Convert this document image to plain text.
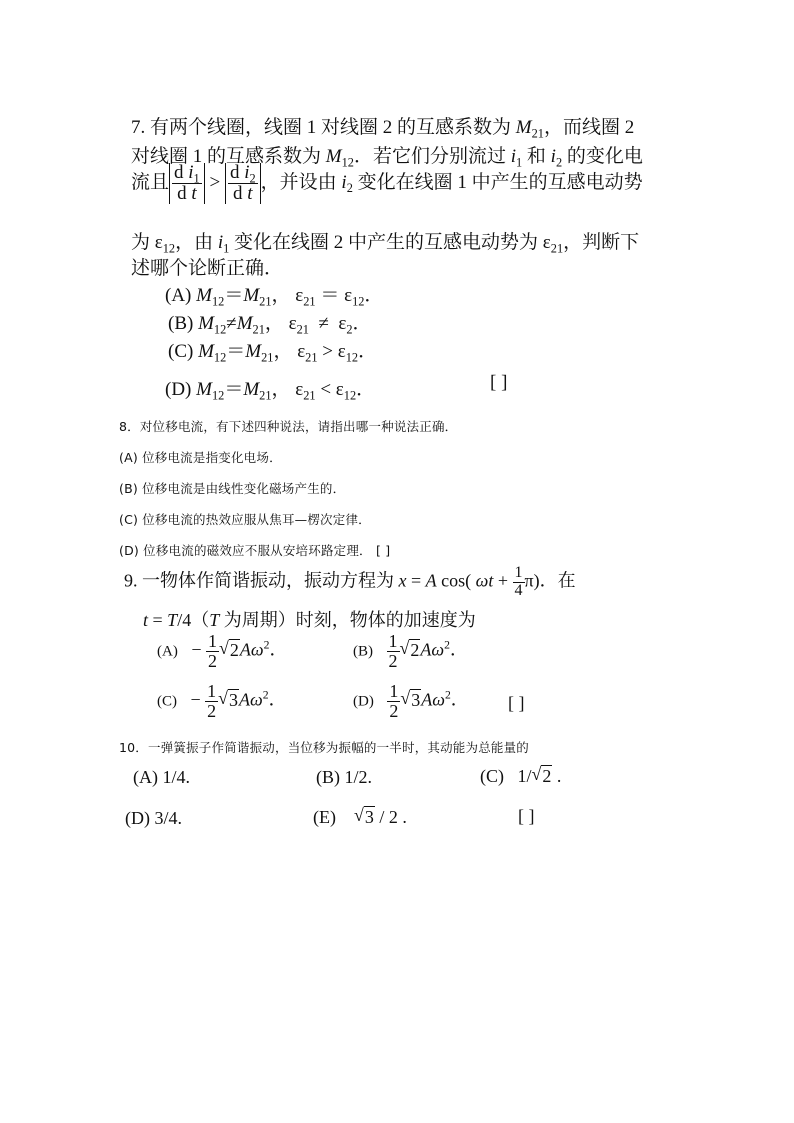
7. 有两个线圈，线圈 1 对线圈 2 的互感系数为 $M_{21}$，而线圈 2
对线圈 1 的互感系数为 $M_{12}$．若它们分别流过 $i_1$ 和 $i_2$ 的变化电
流且 $\frac{d i_1}{\text{d t}} > \frac{d i_2}{\text{d t}}$ ，并设由 $i_2$ 变化在线圈 1 中产生的互感电动势
为 $\varepsilon_{12}$，由 $i_1$ 变化在线圈 2 中产生的互感电动势为 $\varepsilon_{21}$，判断下
述哪个论断正确．
(A) $M_{12}=M_{21}$， $\varepsilon_{21} = \varepsilon_{12}$．
(B) $M_{12}\ne M_{21}$， $\varepsilon_{21} \ne \varepsilon_2$．
(C) $M_{12}=M_{21}$， $\varepsilon_{21} > \varepsilon_{12}$．
(D) $M_{12}=M_{21}$， $\varepsilon_{21} < \varepsilon_{12}$．	[ ]
8．对位移电流，有下述四种说法，请指出哪一种说法正确．
(A) 位移电流是指变化电场．
(B) 位移电流是由线性变化磁场产生的．
(C) 位移电流的热效应服从焦耳—楞次定律．
(D) 位移电流的磁效应不服从安培环路定理． [ ]
9. 一物体作简谐振动，振动方程为 x = A cos( $\omega t + \frac{1}{4} \pi$)．在
t = T/4（T 为周期）时刻，物体的加速度为
$(A) - \frac{1}{2}$ √ $2A\omega^2$．	$(B) \frac{1}{2}$ √ $2A\omega^2$．
$(C) - \frac{1}{2}$ √ $3A\omega^2$．	$(D) \frac{1}{2}$ √ $3A\omega^2$． [ ]
10．一弹簧振子作简谐振动，当位移为振幅的一半时，其动能为总能量的
(A) 1/4.	(B) 1/2.	(C)   1/ √ 2 .
(D) 3/4.	(E)    √ 3 / 2 .	[ ]
